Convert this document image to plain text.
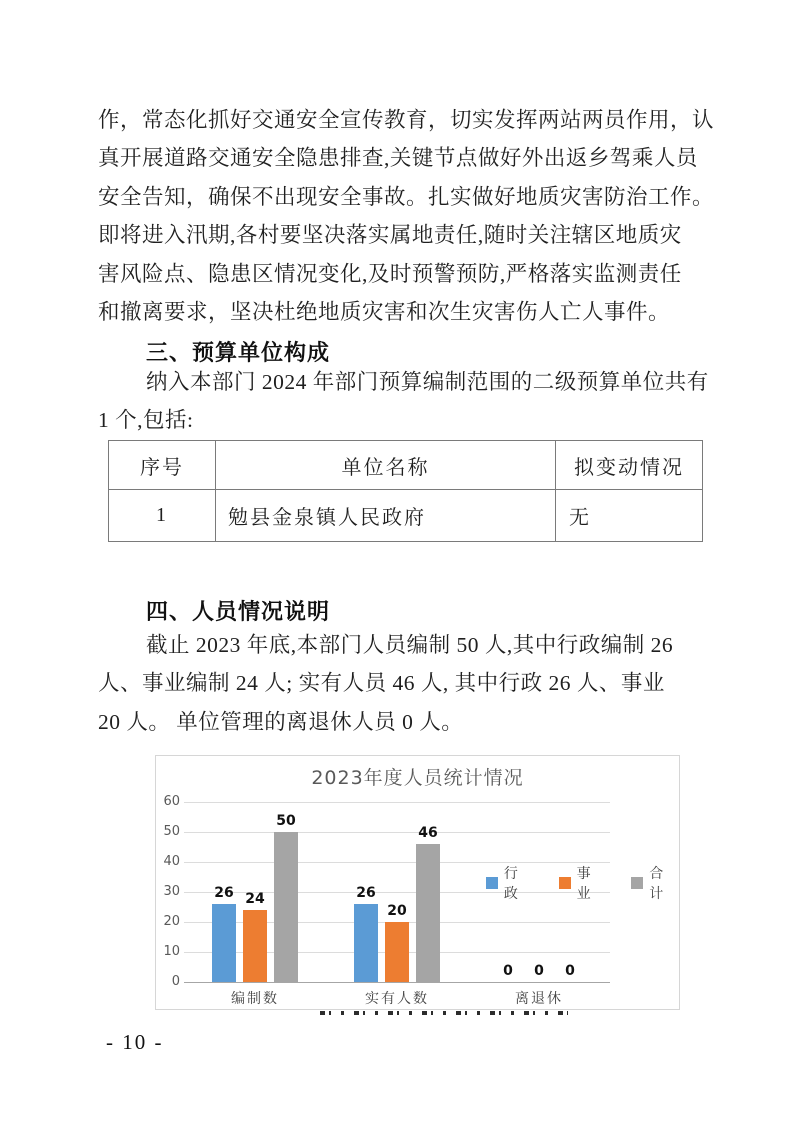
作，常态化抓好交通安全宣传教育，切实发挥两站两员作用，认
真开展道路交通安全隐患排查,关键节点做好外出返乡驾乘人员
安全告知，确保不出现安全事故。扎实做好地质灾害防治工作。
即将进入汛期,各村要坚决落实属地责任,随时关注辖区地质灾
害风险点、隐患区情况变化,及时预警预防,严格落实监测责任
和撤离要求，坚决杜绝地质灾害和次生灾害伤人亡人事件。
三、预算单位构成
纳入本部门 2024 年部门预算编制范围的二级预算单位共有
1 个,包括:
序号	单位名称	拟变动情况
1	勉县金泉镇人民政府	无
四、人员情况说明
截止 2023 年底,本部门人员编制 50 人,其中行政编制 26
人、事业编制 24 人; 实有人员 46 人, 其中行政 26 人、事业
20 人。 单位管理的离退休人员 0 人。
2023年度人员统计情况
60
50
40
30
20
10
0
26 24
50
编制数
26
20
46
实有人数
0	0	0
离退休
行政
事业
合计
- 10 -
